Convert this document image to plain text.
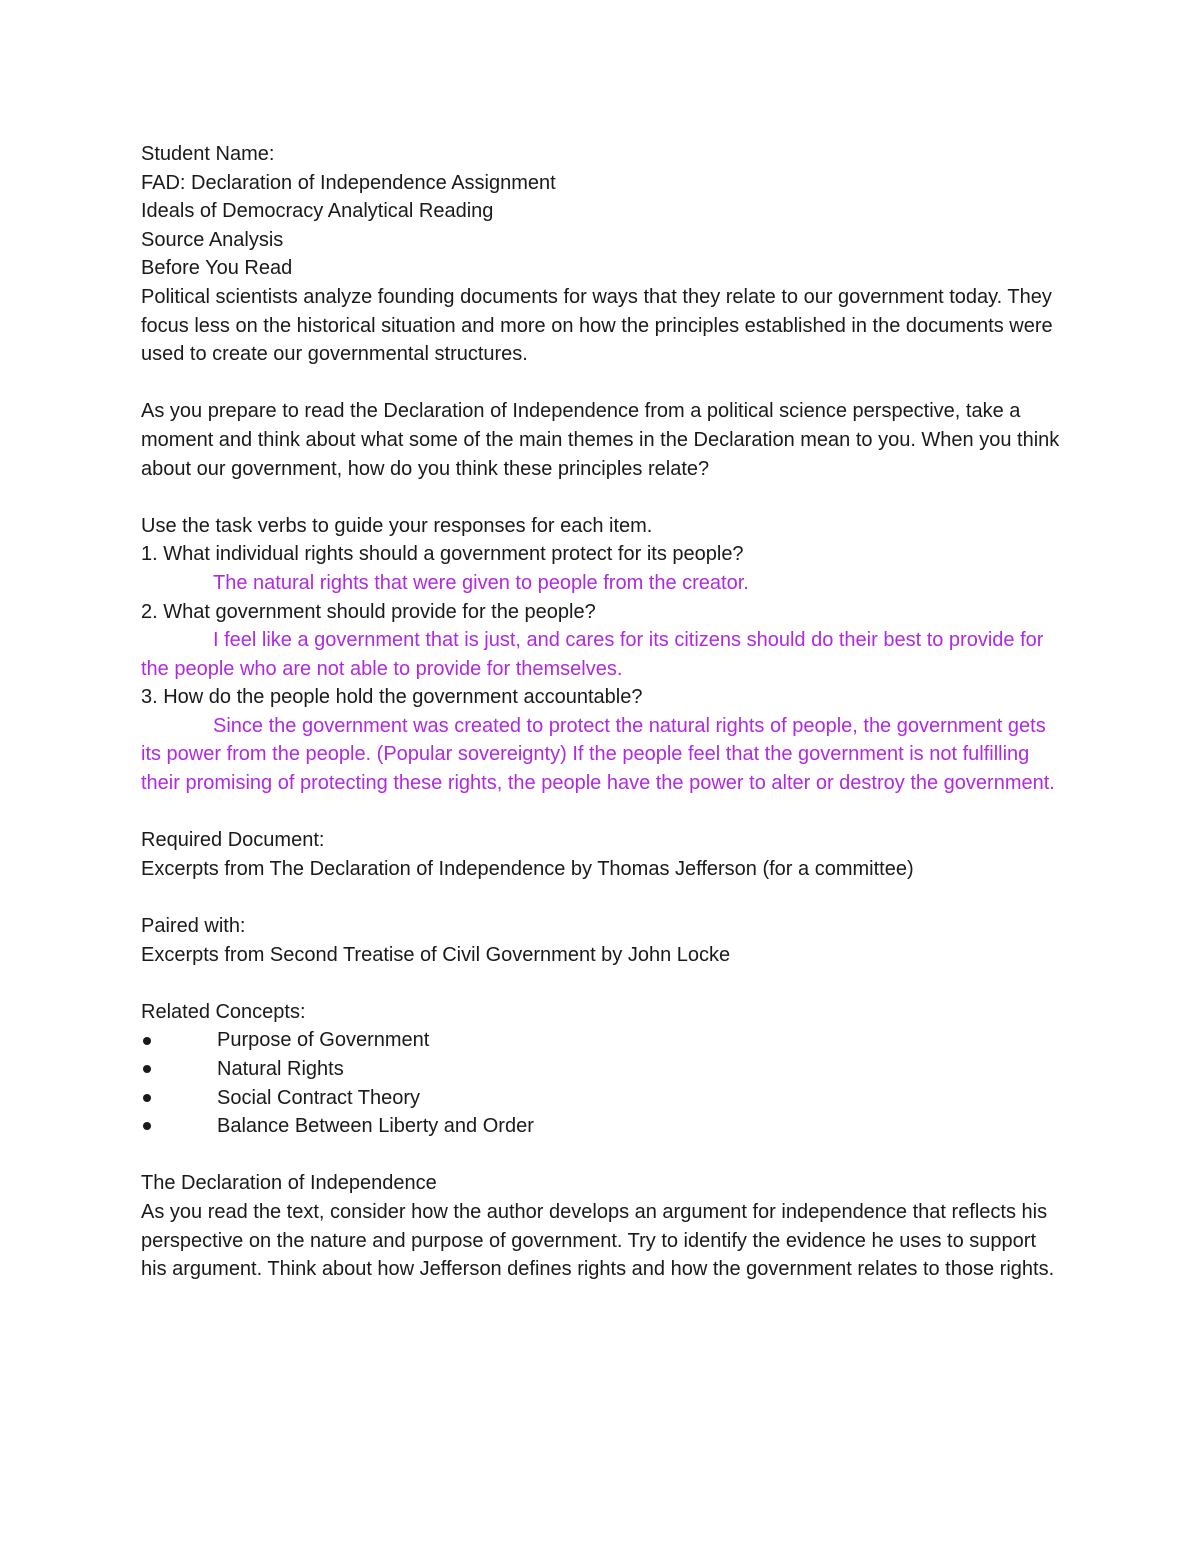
Student Name:
FAD: Declaration of Independence Assignment
Ideals of Democracy Analytical Reading
Source Analysis
Before You Read
Political scientists analyze founding documents for ways that they relate to our government today. They focus less on the historical situation and more on how the principles established in the documents were used to create our governmental structures.
As you prepare to read the Declaration of Independence from a political science perspective, take a moment and think about what some of the main themes in the Declaration mean to you. When you think about our government, how do you think these principles relate?
Use the task verbs to guide your responses for each item.
1. What individual rights should a government protect for its people?
The natural rights that were given to people from the creator.
2. What government should provide for the people?
I feel like a government that is just, and cares for its citizens should do their best to provide for the people who are not able to provide for themselves.
3. How do the people hold the government accountable?
Since the government was created to protect the natural rights of people, the government gets its power from the people. (Popular sovereignty) If the people feel that the government is not fulfilling their promising of protecting these rights, the people have the power to alter or destroy the government.
Required Document:
Excerpts from The Declaration of Independence by Thomas Jefferson (for a committee)
Paired with:
Excerpts from Second Treatise of Civil Government by John Locke
Related Concepts:
Purpose of Government
Natural Rights
Social Contract Theory
Balance Between Liberty and Order
The Declaration of Independence
As you read the text, consider how the author develops an argument for independence that reflects his perspective on the nature and purpose of government. Try to identify the evidence he uses to support his argument. Think about how Jefferson defines rights and how the government relates to those rights.
